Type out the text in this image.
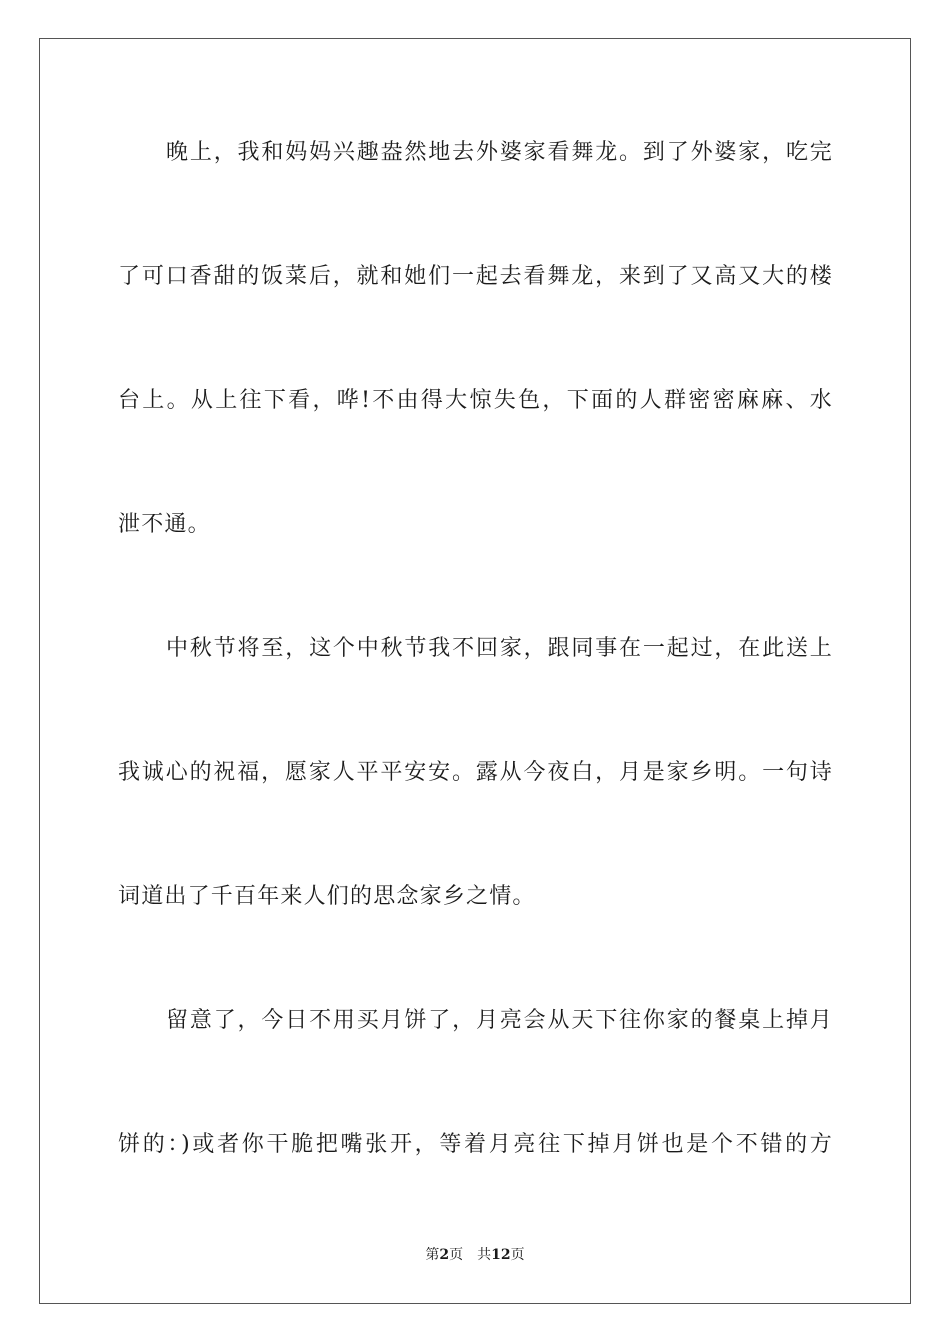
晚上，我和妈妈兴趣盎然地去外婆家看舞龙。到了外婆家，吃完
了可口香甜的饭菜后，就和她们一起去看舞龙，来到了又高又大的楼
台上。从上往下看，哗!不由得大惊失色，下面的人群密密麻麻、水
泄不通。
中秋节将至，这个中秋节我不回家，跟同事在一起过，在此送上
我诚心的祝福，愿家人平平安安。露从今夜白，月是家乡明。一句诗
词道出了千百年来人们的思念家乡之情。
留意了，今日不用买月饼了，月亮会从天下往你家的餐桌上掉月
饼的：)或者你干脆把嘴张开，等着月亮往下掉月饼也是个不错的方
第2页 共12页
